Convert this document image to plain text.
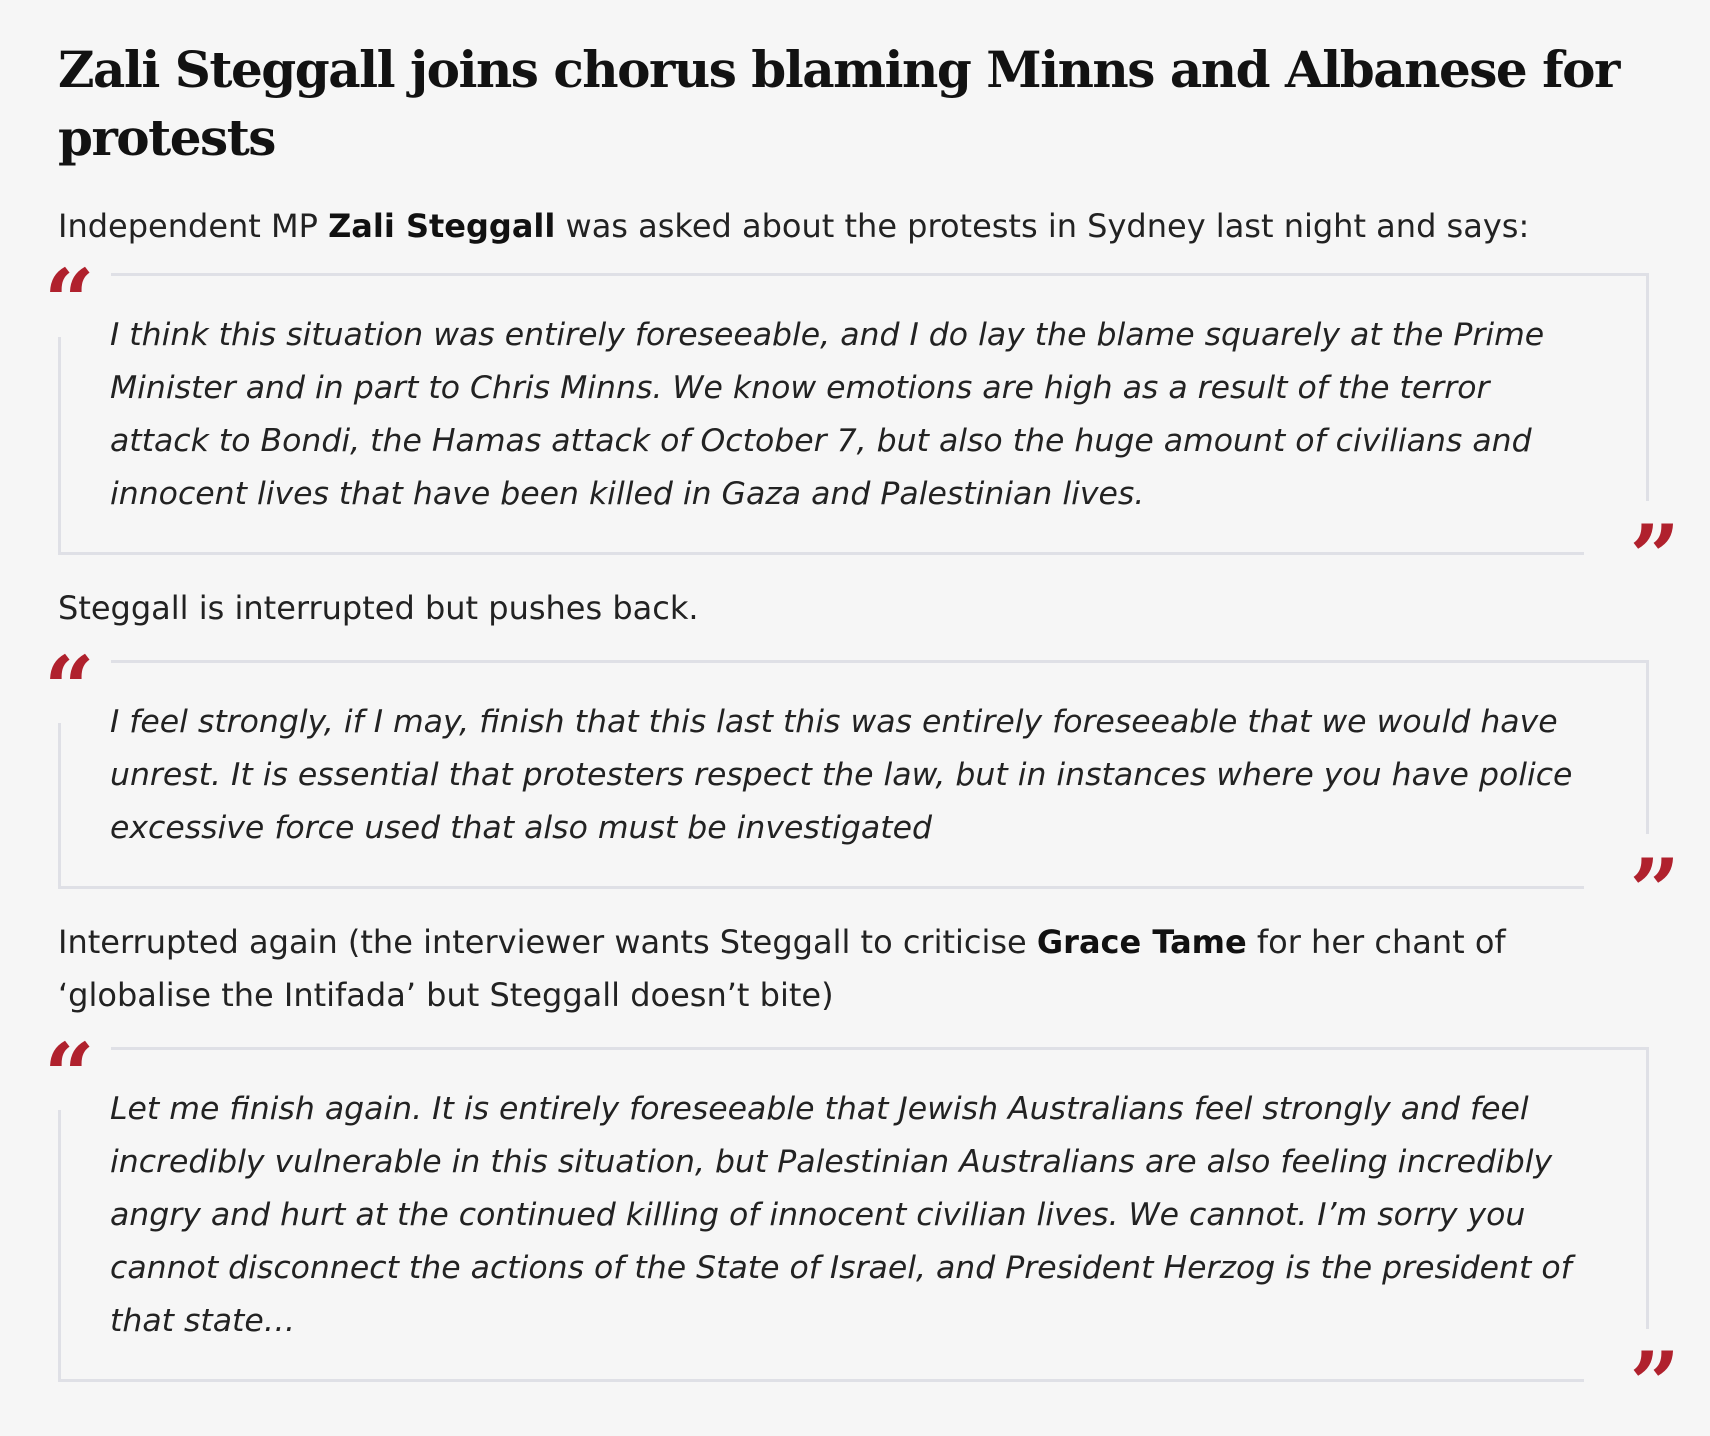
Zali Steggall joins chorus blaming Minns and Albanese for protests

Independent MP Zali Steggall was asked about the protests in Sydney last night and says:

“ I think this situation was entirely foreseeable, and I do lay the blame squarely at the Prime Minister and in part to Chris Minns. We know emotions are high as a result of the terror attack to Bondi, the Hamas attack of October 7, but also the huge amount of civilians and innocent lives that have been killed in Gaza and Palestinian lives.

”

Steggall is interrupted but pushes back.

“ I feel strongly, if I may, finish that this last this was entirely foreseeable that we would have unrest. It is essential that protesters respect the law, but in instances where you have police excessive force used that also must be investigated

”

Interrupted again (the interviewer wants Steggall to criticise Grace Tame for her chant of ‘globalise the Intifada’ but Steggall doesn’t bite)

“ Let me finish again. It is entirely foreseeable that Jewish Australians feel strongly and feel incredibly vulnerable in this situation, but Palestinian Australians are also feeling incredibly angry and hurt at the continued killing of innocent civilian lives. We cannot. I’m sorry you cannot disconnect the actions of the State of Israel, and President Herzog is the president of that state…

”
